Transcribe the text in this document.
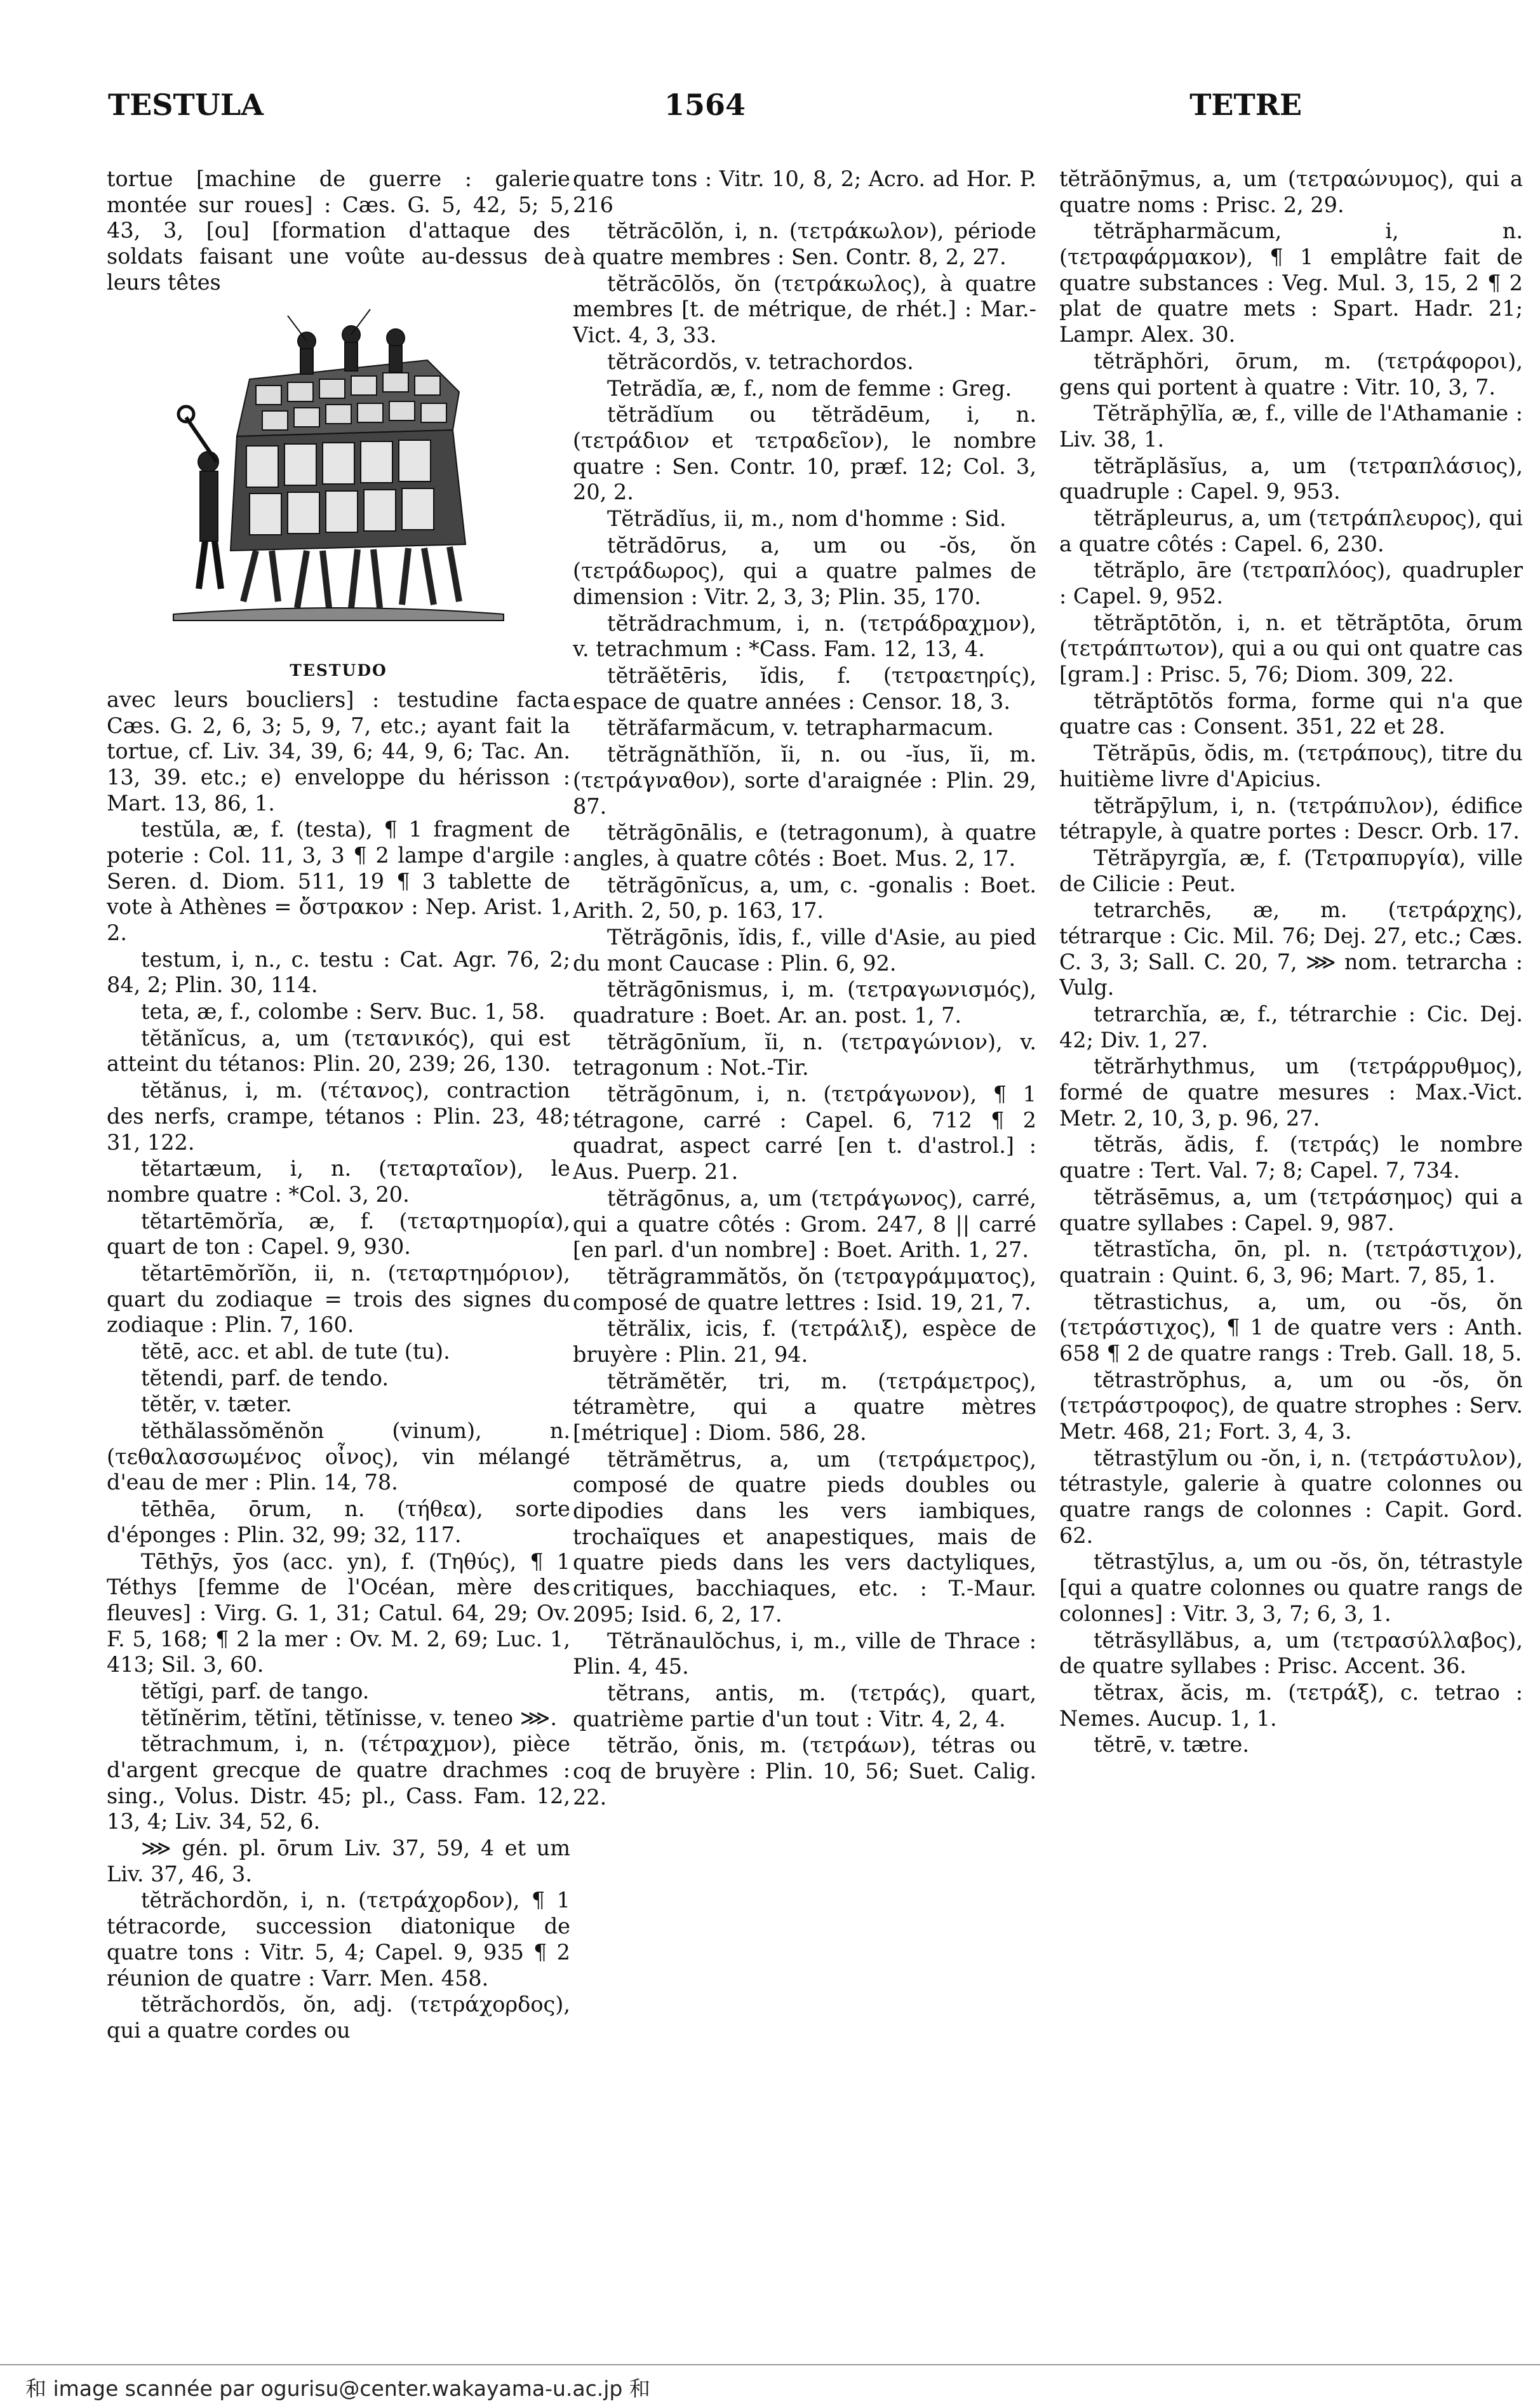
TESTULA	1564	TETRE

tortue [machine de guerre : galerie montée sur roues] : Cæs. G. 5, 42, 5; 5, 43, 3, [ou] [formation d'attaque des soldats faisant une voûte au-dessus de leurs têtes

TESTUDO

avec leurs boucliers] : testudine facta Cæs. G. 2, 6, 3; 5, 9, 7, etc.; ayant fait la tortue, cf. Liv. 34, 39, 6; 44, 9, 6; Tac. An. 13, 39. etc.; e) enveloppe du hérisson : Mart. 13, 86, 1.

testŭla, æ, f. (testa), ¶ 1 fragment de poterie : Col. 11, 3, 3 ¶ 2 lampe d'argile : Seren. d. Diom. 511, 19 ¶ 3 tablette de vote à Athènes = ὄστρακον : Nep. Arist. 1, 2.

testum, i, n., c. testu : Cat. Agr. 76, 2; 84, 2; Plin. 30, 114.

teta, æ, f., colombe : Serv. Buc. 1, 58.

tĕtănĭcus, a, um (τετανικός), qui est atteint du tétanos: Plin. 20, 239; 26, 130.

tĕtănus, i, m. (τέτανος), contraction des nerfs, crampe, tétanos : Plin. 23, 48; 31, 122.

tĕtartæum, i, n. (τεταρταῖον), le nombre quatre : *Col. 3, 20.

tĕtartēmŏrĭa, æ, f. (τεταρτημορία), quart de ton : Capel. 9, 930.

tĕtartēmŏrĭŏn, ii, n. (τεταρτημόριον), quart du zodiaque = trois des signes du zodiaque : Plin. 7, 160.

tĕtē, acc. et abl. de tute (tu).

tĕtendi, parf. de tendo.

tĕtĕr, v. tæter.

tĕthălassŏmĕnŏn (vinum), n. (τεθαλασσωμένος οἶνος), vin mélangé d'eau de mer : Plin. 14, 78.

tēthēa, ōrum, n. (τήθεα), sorte d'éponges : Plin. 32, 99; 32, 117.

Tēthȳs, ȳos (acc. yn), f. (Τηθύς), ¶ 1 Téthys [femme de l'Océan, mère des fleuves] : Virg. G. 1, 31; Catul. 64, 29; Ov. F. 5, 168; ¶ 2 la mer : Ov. M. 2, 69; Luc. 1, 413; Sil. 3, 60.

tĕtĭgi, parf. de tango.

tĕtĭnĕrim, tĕtĭni, tĕtĭnisse, v. teneo ⋙.

tĕtrachmum, i, n. (τέτραχμον), pièce d'argent grecque de quatre drachmes : sing., Volus. Distr. 45; pl., Cass. Fam. 12, 13, 4; Liv. 34, 52, 6.

⋙ gén. pl. ōrum Liv. 37, 59, 4 et um Liv. 37, 46, 3.

tĕtrăchordŏn, i, n. (τετράχορδον), ¶ 1 tétracorde, succession diatonique de quatre tons : Vitr. 5, 4; Capel. 9, 935 ¶ 2 réunion de quatre : Varr. Men. 458.

tĕtrăchordŏs, ŏn, adj. (τετράχορδος), qui a quatre cordes ou

quatre tons : Vitr. 10, 8, 2; Acro. ad Hor. P. 216

tĕtrăcōlŏn, i, n. (τετράκωλον), période à quatre membres : Sen. Contr. 8, 2, 27.

tĕtrăcōlŏs, ŏn (τετράκωλος), à quatre membres [t. de métrique, de rhét.] : Mar.-Vict. 4, 3, 33.

tĕtrăcordŏs, v. tetrachordos.

Tetrădĭa, æ, f., nom de femme : Greg.

tĕtrădĭum ou tĕtrădēum, i, n. (τετράδιον et τετραδεῖον), le nombre quatre : Sen. Contr. 10, præf. 12; Col. 3, 20, 2.

Tĕtrădĭus, ii, m., nom d'homme : Sid.

tĕtrădōrus, a, um ou -ŏs, ŏn (τετράδωρος), qui a quatre palmes de dimension : Vitr. 2, 3, 3; Plin. 35, 170.

tĕtrădrachmum, i, n. (τετράδραχμον), v. tetrachmum : *Cass. Fam. 12, 13, 4.

tĕtrăĕtēris, ĭdis, f. (τετραετηρίς), espace de quatre années : Censor. 18, 3.

tĕtrăfarmăcum, v. tetrapharmacum.

tĕtrăgnăthĭŏn, ĭi, n. ou -ĭus, ĭi, m. (τετράγναθον), sorte d'araignée : Plin. 29, 87.

tĕtrăgōnālis, e (tetragonum), à quatre angles, à quatre côtés : Boet. Mus. 2, 17.

tĕtrăgōnĭcus, a, um, c. -gonalis : Boet. Arith. 2, 50, p. 163, 17.

Tĕtrăgōnis, ĭdis, f., ville d'Asie, au pied du mont Caucase : Plin. 6, 92.

tĕtrăgōnismus, i, m. (τετραγωνισμός), quadrature : Boet. Ar. an. post. 1, 7.

tĕtrăgōnĭum, ĭi, n. (τετραγώνιον), v. tetragonum : Not.-Tir.

tĕtrăgōnum, i, n. (τετράγωνον), ¶ 1 tétragone, carré : Capel. 6, 712 ¶ 2 quadrat, aspect carré [en t. d'astrol.] : Aus. Puerp. 21.

tĕtrăgōnus, a, um (τετράγωνος), carré, qui a quatre côtés : Grom. 247, 8 || carré [en parl. d'un nombre] : Boet. Arith. 1, 27.

tĕtrăgrammătŏs, ŏn (τετραγράμματος), composé de quatre lettres : Isid. 19, 21, 7.

tĕtrălix, icis, f. (τετράλιξ), espèce de bruyère : Plin. 21, 94.

tĕtrămĕtĕr, tri, m. (τετράμετρος), tétramètre, qui a quatre mètres [métrique] : Diom. 586, 28.

tĕtrămĕtrus, a, um (τετράμετρος), composé de quatre pieds doubles ou dipodies dans les vers iambiques, trochaïques et anapestiques, mais de quatre pieds dans les vers dactyliques, critiques, bacchiaques, etc. : T.-Maur. 2095; Isid. 6, 2, 17.

Tĕtrănaulŏchus, i, m., ville de Thrace : Plin. 4, 45.

tĕtrans, antis, m. (τετράς), quart, quatrième partie d'un tout : Vitr. 4, 2, 4.

tĕtrăo, ŏnis, m. (τετράων), tétras ou coq de bruyère : Plin. 10, 56; Suet. Calig. 22.

tĕtrăōnȳmus, a, um (τετραώνυμος), qui a quatre noms : Prisc. 2, 29.

tĕtrăpharmăcum, i, n. (τετραφάρμακον), ¶ 1 emplâtre fait de quatre substances : Veg. Mul. 3, 15, 2 ¶ 2 plat de quatre mets : Spart. Hadr. 21; Lampr. Alex. 30.

tĕtrăphŏri, ōrum, m. (τετράφοροι), gens qui portent à quatre : Vitr. 10, 3, 7.

Tĕtrăphȳlĭa, æ, f., ville de l'Athamanie : Liv. 38, 1.

tĕtrăplăsĭus, a, um (τετραπλάσιος), quadruple : Capel. 9, 953.

tĕtrăpleurus, a, um (τετράπλευρος), qui a quatre côtés : Capel. 6, 230.

tĕtrăplo, āre (τετραπλόος), quadrupler : Capel. 9, 952.

tĕtrăptōtŏn, i, n. et tĕtrăptōta, ōrum (τετράπτωτον), qui a ou qui ont quatre cas [gram.] : Prisc. 5, 76; Diom. 309, 22.

tĕtrăptōtŏs forma, forme qui n'a que quatre cas : Consent. 351, 22 et 28.

Tĕtrăpūs, ŏdis, m. (τετράπους), titre du huitième livre d'Apicius.

tĕtrăpȳlum, i, n. (τετράπυλον), édifice tétrapyle, à quatre portes : Descr. Orb. 17.

Tĕtrăpyrgĭa, æ, f. (Τετραπυργία), ville de Cilicie : Peut.

tetrarchēs, æ, m. (τετράρχης), tétrarque : Cic. Mil. 76; Dej. 27, etc.; Cæs. C. 3, 3; Sall. C. 20, 7, ⋙ nom. tetrarcha : Vulg.

tetrarchĭa, æ, f., tétrarchie : Cic. Dej. 42; Div. 1, 27.

tĕtrărhythmus, um (τετράρρυθμος), formé de quatre mesures : Max.-Vict. Metr. 2, 10, 3, p. 96, 27.

tĕtrăs, ădis, f. (τετράς) le nombre quatre : Tert. Val. 7; 8; Capel. 7, 734.

tĕtrăsēmus, a, um (τετράσημος) qui a quatre syllabes : Capel. 9, 987.

tĕtrastĭcha, ōn, pl. n. (τετράστιχον), quatrain : Quint. 6, 3, 96; Mart. 7, 85, 1.

tĕtrastichus, a, um, ou -ŏs, ŏn (τετράστιχος), ¶ 1 de quatre vers : Anth. 658 ¶ 2 de quatre rangs : Treb. Gall. 18, 5.

tĕtrastrŏphus, a, um ou -ŏs, ŏn (τετράστροφος), de quatre strophes : Serv. Metr. 468, 21; Fort. 3, 4, 3.

tĕtrastȳlum ou -ŏn, i, n. (τετράστυλον), tétrastyle, galerie à quatre colonnes ou quatre rangs de colonnes : Capit. Gord. 62.

tĕtrastȳlus, a, um ou -ŏs, ŏn, tétrastyle [qui a quatre colonnes ou quatre rangs de colonnes] : Vitr. 3, 3, 7; 6, 3, 1.

tĕtrăsyllăbus, a, um (τετρασύλλαβος), de quatre syllabes : Prisc. Accent. 36.

tĕtrax, ăcis, m. (τετράξ), c. tetrao : Nemes. Aucup. 1, 1.

tĕtrē, v. tætre.

和 image scannée par ogurisu@center.wakayama-u.ac.jp 和
